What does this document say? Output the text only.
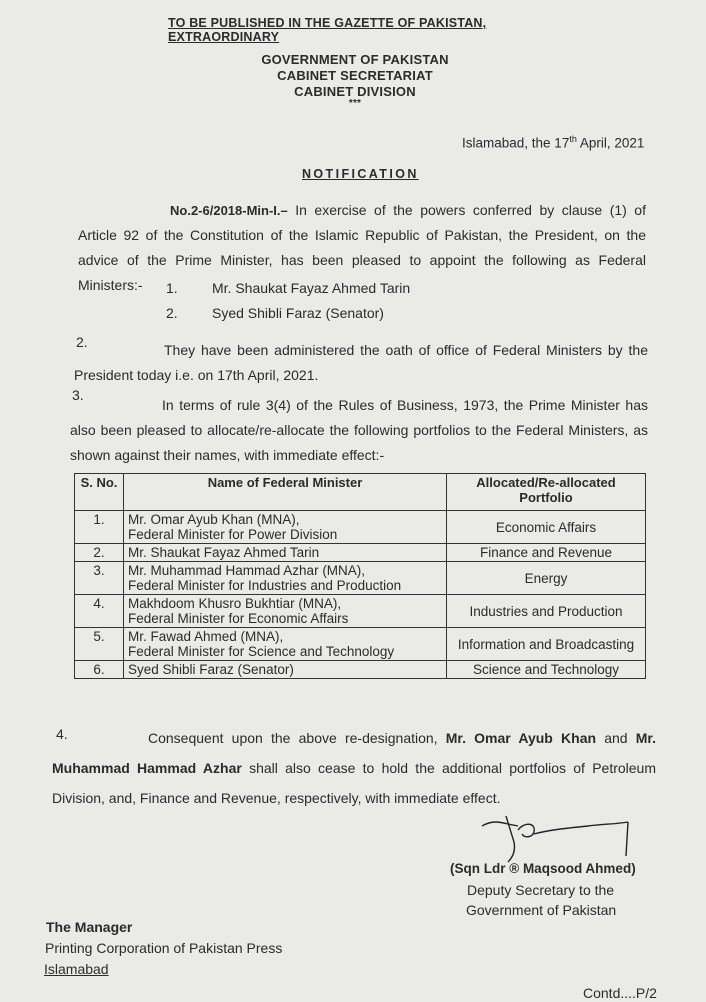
TO BE PUBLISHED IN THE GAZETTE OF PAKISTAN, EXTRAORDINARY
GOVERNMENT OF PAKISTAN
CABINET SECRETARIAT
CABINET DIVISION
***
Islamabad, the 17th April, 2021
NOTIFICATION
No.2-6/2018-Min-I.– In exercise of the powers conferred by clause (1) of Article 92 of the Constitution of the Islamic Republic of Pakistan, the President, on the advice of the Prime Minister, has been pleased to appoint the following as Federal Ministers:-	1. Mr. Shaukat Fayaz Ahmed Tarin
2. Syed Shibli Faraz (Senator)
2.	They have been administered the oath of office of Federal Ministers by the President today i.e. on 17th April, 2021.
3.
In terms of rule 3(4) of the Rules of Business, 1973, the Prime Minister has also been pleased to allocate/re-allocate the following portfolios to the Federal Ministers, as shown against their names, with immediate effect:-
S. No.	Name of Federal Minister	Allocated/Re-allocated Portfolio
1.	Mr. Omar Ayub Khan (MNA),
Federal Minister for Power Division	Economic Affairs
2.	Mr. Shaukat Fayaz Ahmed Tarin	Finance and Revenue
3.	Mr. Muhammad Hammad Azhar (MNA),
Federal Minister for Industries and Production	Energy
4.	Makhdoom Khusro Bukhtiar (MNA),
Federal Minister for Economic Affairs	Industries and Production
5.	Mr. Fawad Ahmed (MNA),
Federal Minister for Science and Technology	Information and Broadcasting
6.	Syed Shibli Faraz (Senator)	Science and Technology
4.	Consequent upon the above re-designation, Mr. Omar Ayub Khan and Mr. Muhammad Hammad Azhar shall also cease to hold the additional portfolios of Petroleum Division, and, Finance and Revenue, respectively, with immediate effect.
(Sqn Ldr ® Maqsood Ahmed)
Deputy Secretary to the
Government of Pakistan
The Manager
Printing Corporation of Pakistan Press
Islamabad
Contd....P/2
